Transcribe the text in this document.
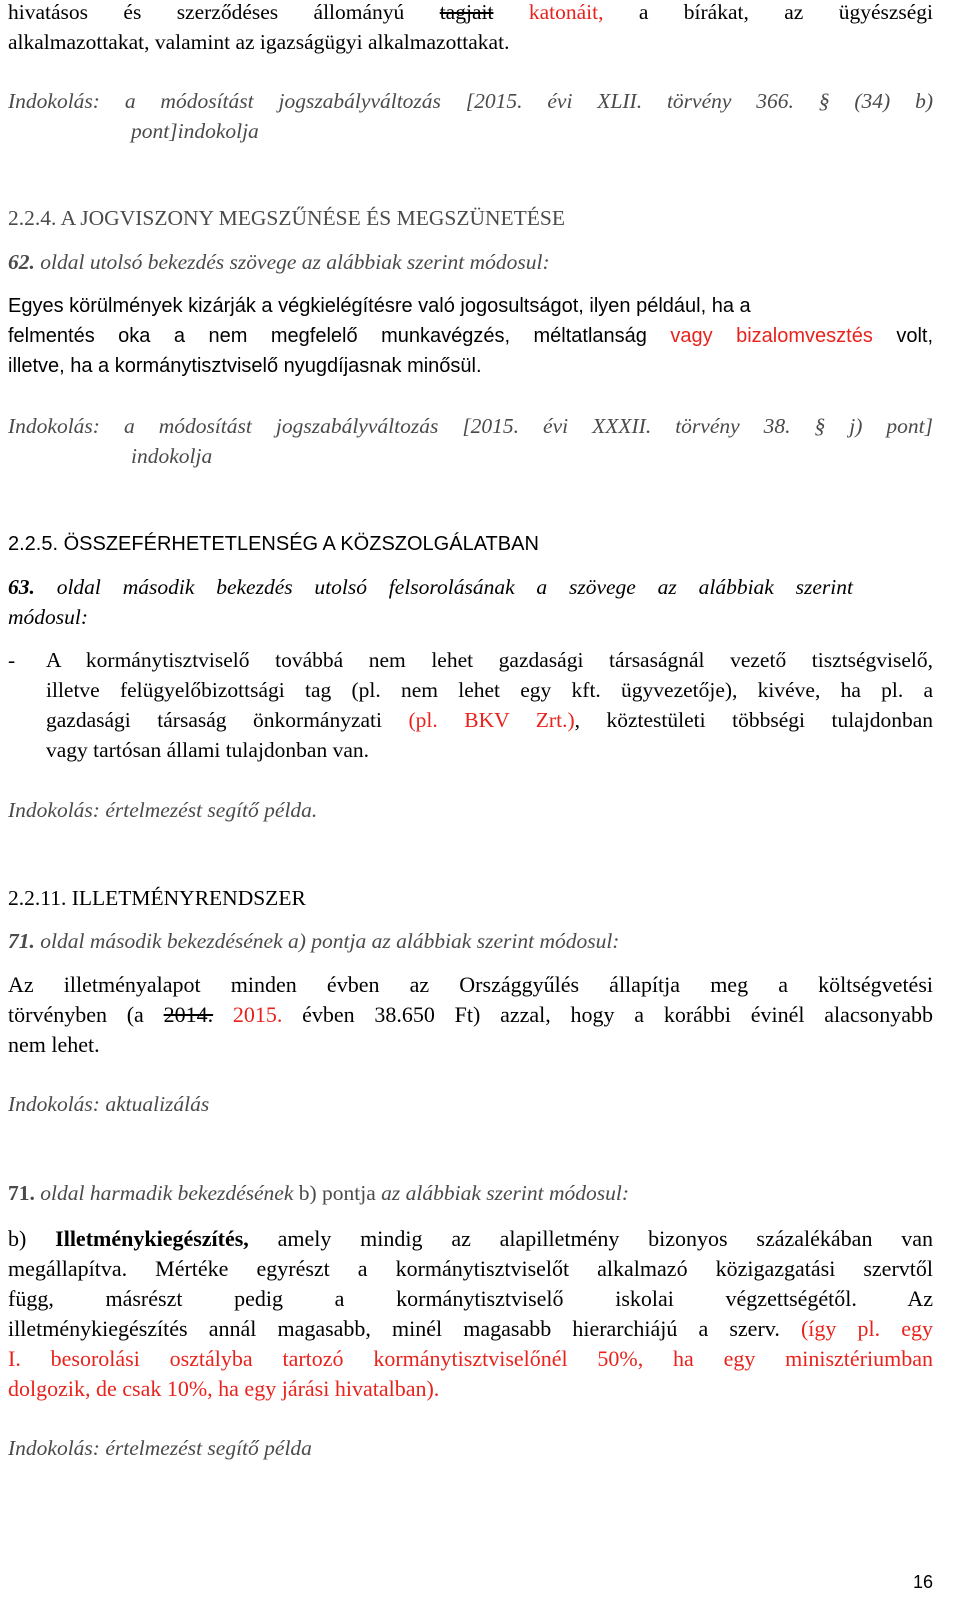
hivatásos és szerződéses állományú tagjait katonáit, a bírákat, az ügyészségi

alkalmazottakat, valamint az igazságügyi alkalmazottakat.

Indokolás: a módosítást jogszabályváltozás [2015. évi XLII. törvény 366. § (34) b)

pont]indokolja

2.2.4. A JOGVISZONY MEGSZŰNÉSE ÉS MEGSZÜNETÉSE

62. oldal utolsó bekezdés szövege az alábbiak szerint módosul:

Egyes körülmények kizárják a végkielégítésre való jogosultságot, ilyen például, ha a

felmentés oka a nem megfelelő munkavégzés, méltatlanság vagy bizalomvesztés volt,

illetve, ha a kormánytisztviselő nyugdíjasnak minősül.

Indokolás: a módosítást jogszabályváltozás [2015. évi XXXII. törvény 38. § j) pont]

indokolja

2.2.5. ÖSSZEFÉRHETETLENSÉG A KÖZSZOLGÁLATBAN

63. oldal második bekezdés utolsó felsorolásának a szövege az alábbiak szerint

módosul:

- A kormánytisztviselő továbbá nem lehet gazdasági társaságnál vezető tisztségviselő,

illetve felügyelőbizottsági tag (pl. nem lehet egy kft. ügyvezetője), kivéve, ha pl. a

gazdasági társaság önkormányzati (pl. BKV Zrt.), köztestületi többségi tulajdonban

vagy tartósan állami tulajdonban van.

Indokolás: értelmezést segítő példa.

2.2.11. ILLETMÉNYRENDSZER

71. oldal második bekezdésének a) pontja az alábbiak szerint módosul:

Az illetményalapot minden évben az Országgyűlés állapítja meg a költségvetési

törvényben (a 2014. 2015. évben 38.650 Ft) azzal, hogy a korábbi évinél alacsonyabb

nem lehet.

Indokolás: aktualizálás

71. oldal harmadik bekezdésének b) pontja az alábbiak szerint módosul:

b) Illetménykiegészítés, amely mindig az alapilletmény bizonyos százalékában van

megállapítva. Mértéke egyrészt a kormánytisztviselőt alkalmazó közigazgatási szervtől

függ, másrészt pedig a kormánytisztviselő iskolai végzettségétől. Az

illetménykiegészítés annál magasabb, minél magasabb hierarchiájú a szerv. (így pl. egy

I. besorolási osztályba tartozó kormánytisztviselőnél 50%, ha egy minisztériumban

dolgozik, de csak 10%, ha egy járási hivatalban).

Indokolás: értelmezést segítő példa

16
